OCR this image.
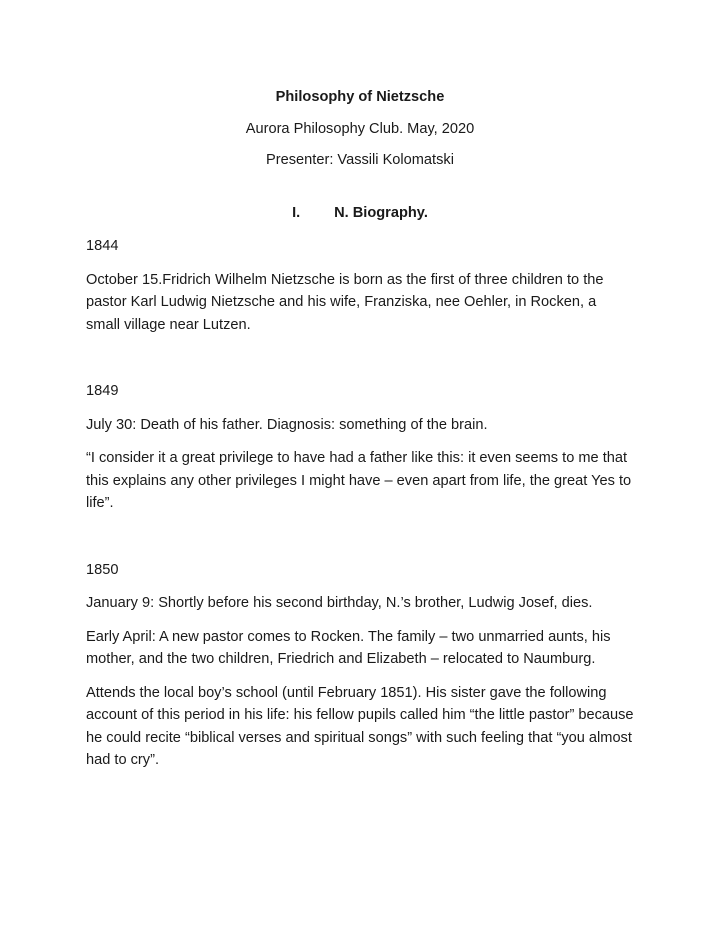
Philosophy of Nietzsche
Aurora Philosophy Club. May, 2020
Presenter: Vassili Kolomatski
I. N. Biography.
1844

October 15.Fridrich Wilhelm Nietzsche is born as the first of three children to the pastor Karl Ludwig Nietzsche and his wife, Franziska, nee Oehler, in Rocken, a small village near Lutzen.

1849

July 30: Death of his father. Diagnosis: something of the brain.

“I consider it a great privilege to have had a father like this: it even seems to me that this explains any other privileges I might have – even apart from life, the great Yes to life”.

1850

January 9: Shortly before his second birthday, N.’s brother, Ludwig Josef, dies.

Early April: A new pastor comes to Rocken. The family – two unmarried aunts, his mother, and the two children, Friedrich and Elizabeth – relocated to Naumburg.

Attends the local boy’s school (until February 1851). His sister gave the following account of this period in his life: his fellow pupils called him “the little pastor” because he could recite “biblical verses and spiritual songs” with such feeling that “you almost had to cry”.
